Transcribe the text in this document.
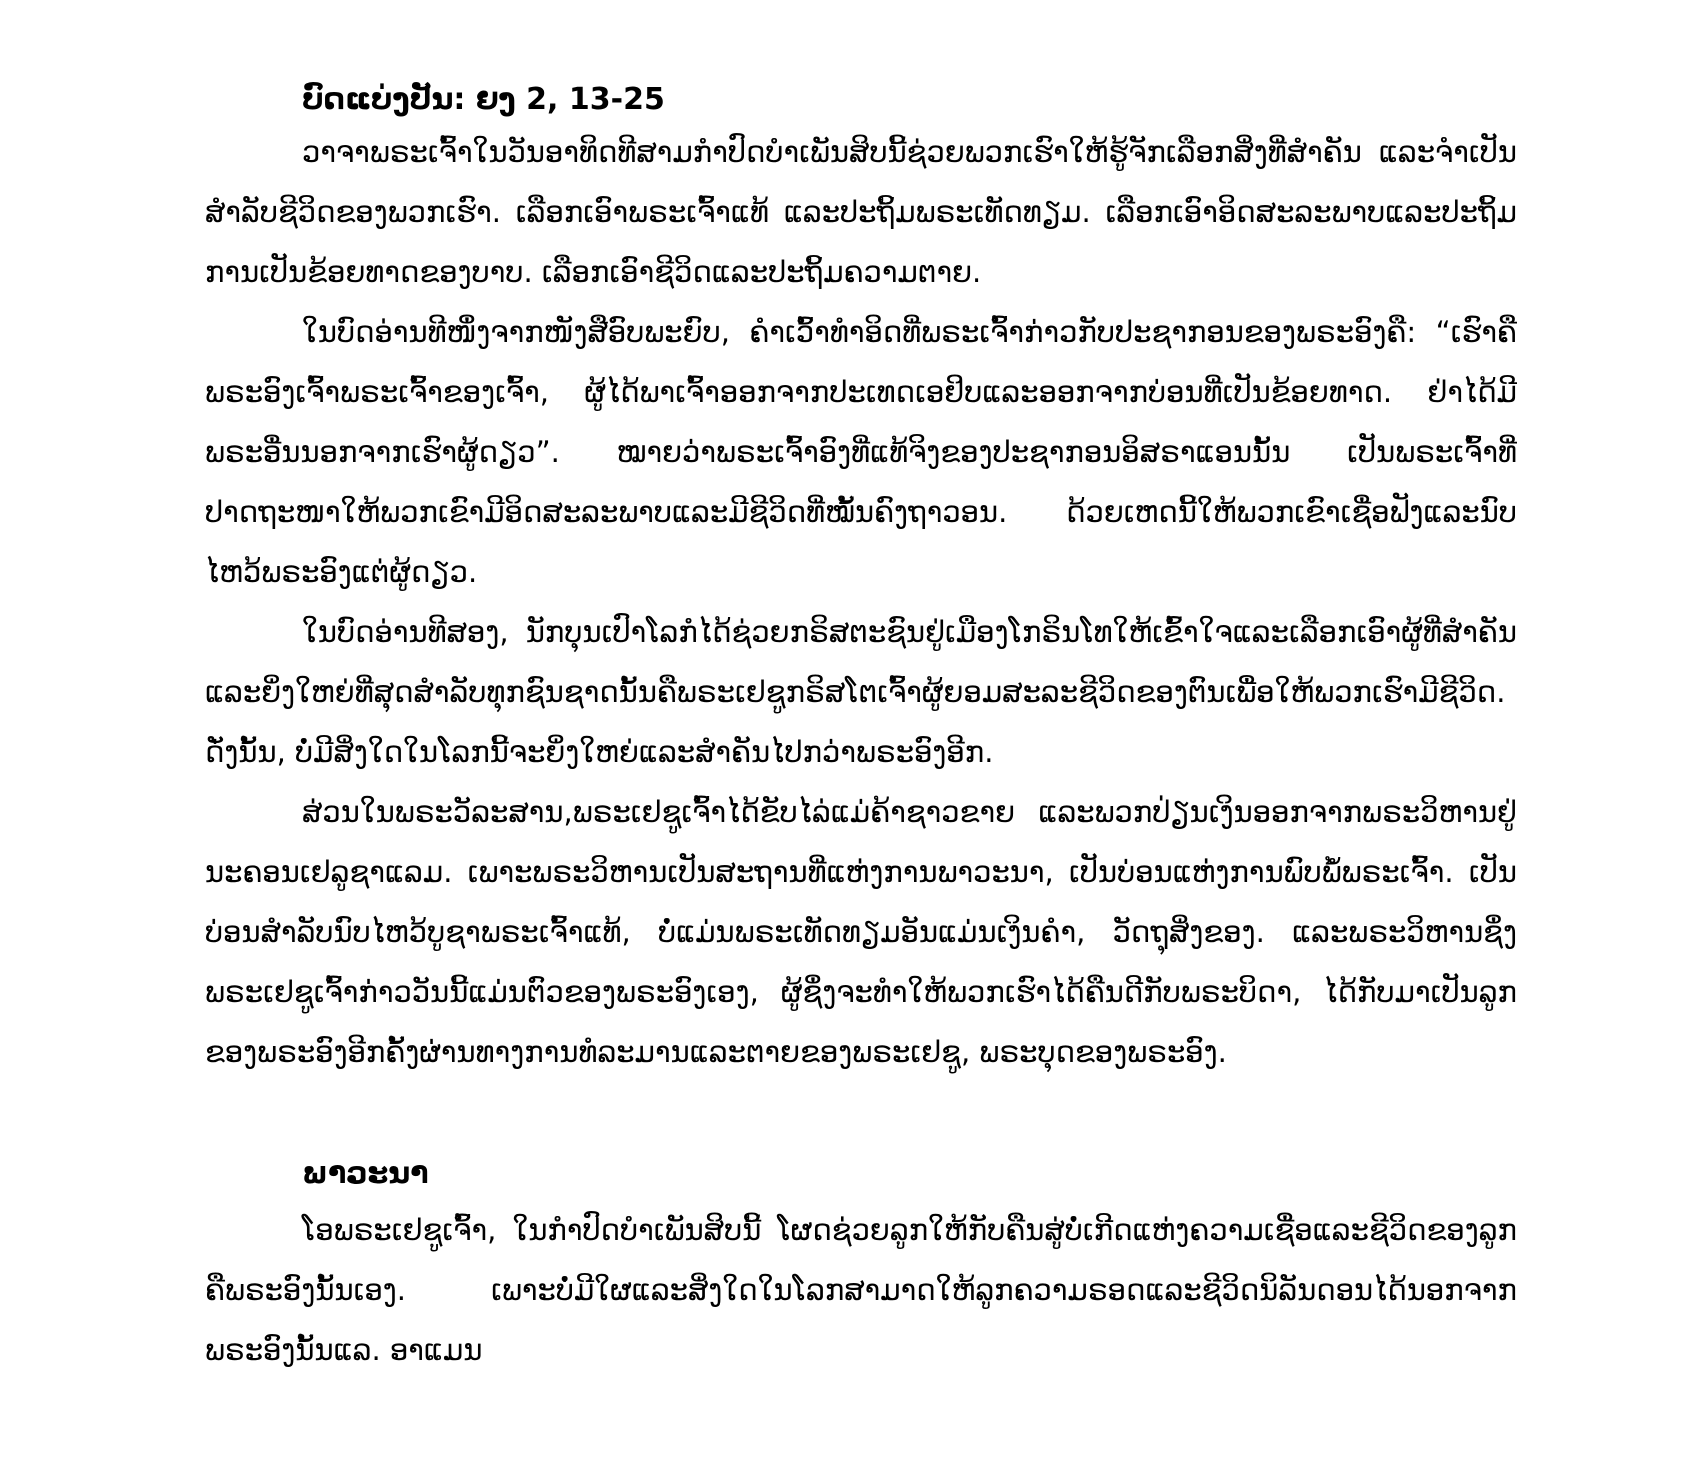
ບົດແບ່ງປັນ: ຍງ 2, 13-25

ວາຈາພຣະເຈົ້າໃນວັນອາທິດທີສາມກຳປົດບຳເພັນສິບນີ້ຊ່ວຍພວກເຮົາໃຫ້ຮູ້ຈັກເລືອກສິ່ງທີ່ສຳຄັນ ແລະຈຳເປັນສຳລັບຊີວິດຂອງພວກເຮົາ. ເລືອກເອົາພຣະເຈົ້າແທ້ ແລະປະຖິ້ມພຣະເທັດທຽມ. ເລືອກເອົາອິດສະລະພາບແລະປະຖິ້ມການເປັນຂ້ອຍທາດຂອງບາບ. ເລືອກເອົາຊີວິດແລະປະຖິ້ມຄວາມຕາຍ.

ໃນບົດອ່ານທີໜຶ່ງຈາກໜັງສືອົບພະຍົບ, ຄຳເວົ້າທຳອິດທີ່ພຣະເຈົ້າກ່າວກັບປະຊາກອນຂອງພຣະອົງຄື: “ເຮົາຄືພຣະອົງເຈົ້າພຣະເຈົ້າຂອງເຈົ້າ, ຜູ້ໄດ້ພາເຈົ້າອອກຈາກປະເທດເອຢິບແລະອອກຈາກບ່ອນທີ່ເປັນຂ້ອຍທາດ. ຢ່າໄດ້ມີພຣະອື່ນນອກຈາກເຮົາຜູ້ດຽວ”. ໝາຍວ່າພຣະເຈົ້າອົງທີ່ແທ້ຈິງຂອງປະຊາກອນອິສຣາແອນນັ້ນ ເປັນພຣະເຈົ້າທີ່ປາດຖະໜາໃຫ້ພວກເຂົາມີອິດສະລະພາບແລະມີຊີວິດທີ່ໝັ້ນຄົງຖາວອນ. ດ້ວຍເຫດນີ້ໃຫ້ພວກເຂົາເຊື່ອຟັງແລະນົບໄຫວ້ພຣະອົງແຕ່ຜູ້ດຽວ.

ໃນບົດອ່ານທີສອງ, ນັກບຸນເປົາໂລກໍໄດ້ຊ່ວຍກຣິສຕະຊົນຢູ່ເມືອງໂກຣິນໂທໃຫ້ເຂົ້າໃຈແລະເລືອກເອົາຜູ້ທີ່ສຳຄັນແລະຍິ່ງໃຫຍ່ທີ່ສຸດສຳລັບທຸກຊົນຊາດນັ້ນຄືພຣະເຢຊູກຣິສໂຕເຈົ້າຜູ້ຍອມສະລະຊີວິດຂອງຕົນເພື່ອໃຫ້ພວກເຮົາມີຊີວິດ. ດັ່ງນັ້ນ, ບໍ່ມີສິ່ງໃດໃນໂລກນີ້ຈະຍິ່ງໃຫຍ່ແລະສຳຄັນໄປກວ່າພຣະອົງອີກ.

ສ່ວນໃນພຣະວັລະສານ,ພຣະເຢຊູເຈົ້າໄດ້ຂັບໄລ່ແມ່ຄ້າຊາວຂາຍ ແລະພວກປ່ຽນເງິນອອກຈາກພຣະວິຫານຢູ່ນະຄອນເຢລູຊາແລມ. ເພາະພຣະວິຫານເປັນສະຖານທີ່ແຫ່ງການພາວະນາ, ເປັນບ່ອນແຫ່ງການພົບພໍ້ພຣະເຈົ້າ. ເປັນບ່ອນສຳລັບນົບໄຫວ້ບູຊາພຣະເຈົ້າແທ້, ບໍ່ແມ່ນພຣະເທັດທຽມອັນແມ່ນເງິນຄຳ, ວັດຖຸສິ່ງຂອງ. ແລະພຣະວິຫານຊຶ່ງພຣະເຢຊູເຈົ້າກ່າວວັນນີ້ແມ່ນຕົວຂອງພຣະອົງເອງ, ຜູ້ຊຶ່ງຈະທຳໃຫ້ພວກເຮົາໄດ້ຄືນດີກັບພຣະບິດາ, ໄດ້ກັບມາເປັນລູກຂອງພຣະອົງອີກຄັ້ງຜ່ານທາງການທໍລະມານແລະຕາຍຂອງພຣະເຢຊູ, ພຣະບຸດຂອງພຣະອົງ.

ພາວະນາ

ໂອພຣະເຢຊູເຈົ້າ, ໃນກຳປົດບຳເພັນສິບນີ້ ໂຜດຊ່ວຍລູກໃຫ້ກັບຄືນສູ່ບໍ່ເກີດແຫ່ງຄວາມເຊື່ອແລະຊີວິດຂອງລູກຄືພຣະອົງນັ້ນເອງ. ເພາະບໍ່ມີໃຜແລະສິ່ງໃດໃນໂລກສາມາດໃຫ້ລູກຄວາມຣອດແລະຊີວິດນິລັນດອນໄດ້ນອກຈາກພຣະອົງນັ້ນແລ. ອາແມນ
